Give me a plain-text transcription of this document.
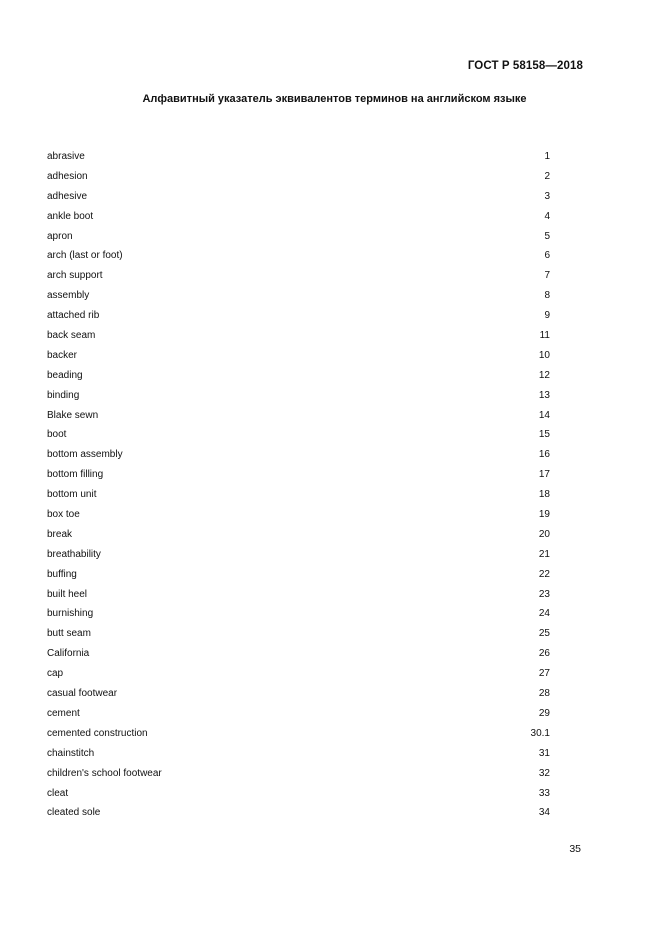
ГОСТ Р 58158—2018
Алфавитный указатель эквивалентов терминов на английском языке
abrasive	1
adhesion	2
adhesive	3
ankle boot	4
apron	5
arch (last or foot)	6
arch support	7
assembly	8
attached rib	9
back seam	11
backer	10
beading	12
binding	13
Blake sewn	14
boot	15
bottom assembly	16
bottom filling	17
bottom unit	18
box toe	19
break	20
breathability	21
buffing	22
built heel	23
burnishing	24
butt seam	25
California	26
cap	27
casual footwear	28
cement	29
cemented construction	30.1
chainstitch	31
children's school footwear	32
cleat	33
cleated sole	34
35
